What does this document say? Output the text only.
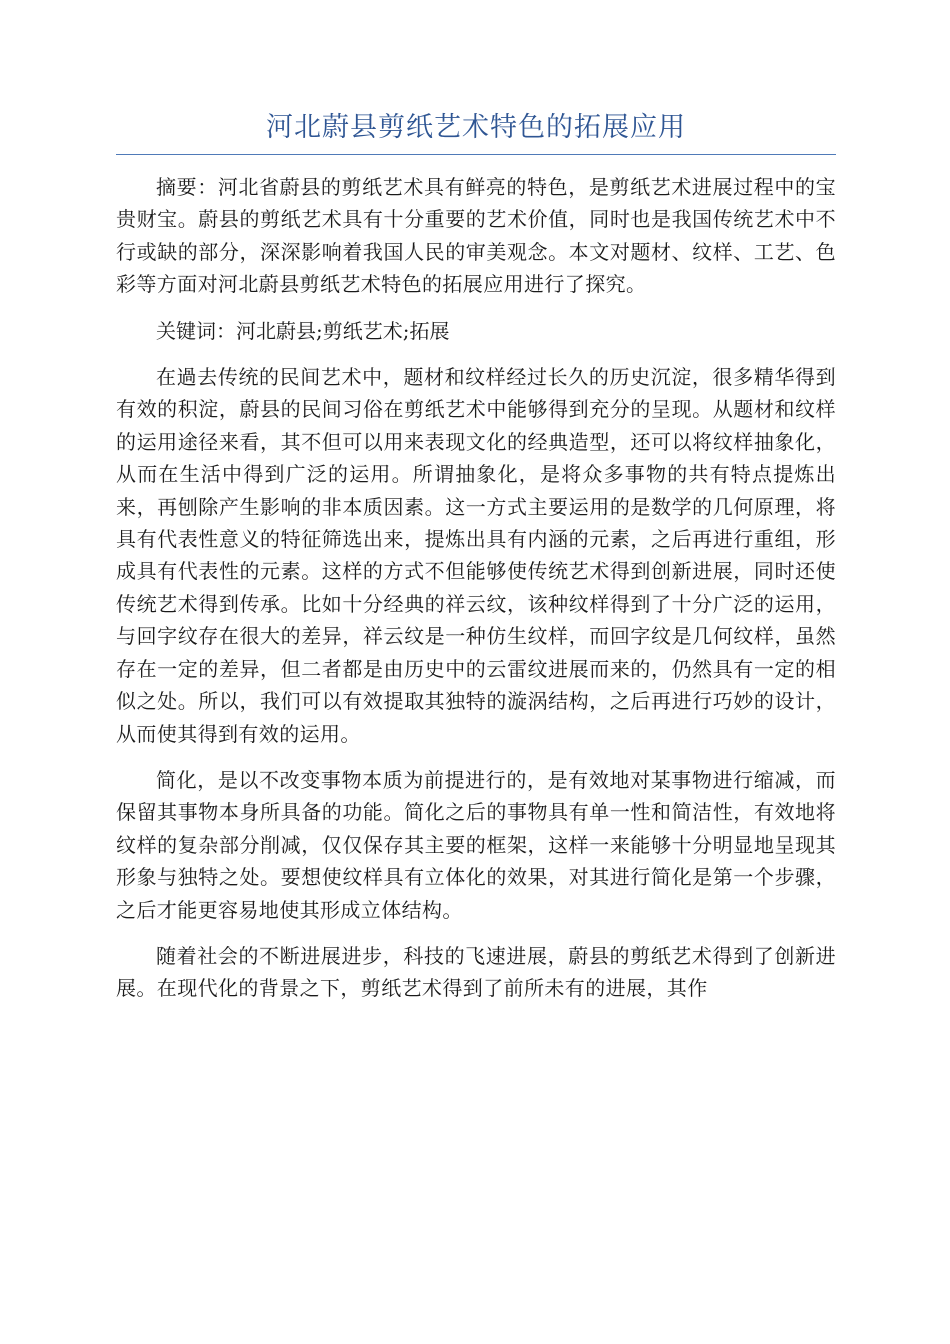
河北蔚县剪纸艺术特色的拓展应用

摘要：河北省蔚县的剪纸艺术具有鲜亮的特色，是剪纸艺术进展过程中的宝贵财宝。蔚县的剪纸艺术具有十分重要的艺术价值，同时也是我国传统艺术中不行或缺的部分，深深影响着我国人民的审美观念。本文对题材、纹样、工艺、色彩等方面对河北蔚县剪纸艺术特色的拓展应用进行了探究。

关键词：河北蔚县;剪纸艺术;拓展

在過去传统的民间艺术中，题材和纹样经过长久的历史沉淀，很多精华得到有效的积淀，蔚县的民间习俗在剪纸艺术中能够得到充分的呈现。从题材和纹样的运用途径来看，其不但可以用来表现文化的经典造型，还可以将纹样抽象化，从而在生活中得到广泛的运用。所谓抽象化，是将众多事物的共有特点提炼出来，再刨除产生影响的非本质因素。这一方式主要运用的是数学的几何原理，将具有代表性意义的特征筛选出来，提炼出具有内涵的元素，之后再进行重组，形成具有代表性的元素。这样的方式不但能够使传统艺术得到创新进展，同时还使传统艺术得到传承。比如十分经典的祥云纹，该种纹样得到了十分广泛的运用，与回字纹存在很大的差异，祥云纹是一种仿生纹样，而回字纹是几何纹样，虽然存在一定的差异，但二者都是由历史中的云雷纹进展而来的，仍然具有一定的相似之处。所以，我们可以有效提取其独特的漩涡结构，之后再进行巧妙的设计，从而使其得到有效的运用。

简化，是以不改变事物本质为前提进行的，是有效地对某事物进行缩减，而保留其事物本身所具备的功能。简化之后的事物具有单一性和简洁性，有效地将纹样的复杂部分削减，仅仅保存其主要的框架，这样一来能够十分明显地呈现其形象与独特之处。要想使纹样具有立体化的效果，对其进行简化是第一个步骤，之后才能更容易地使其形成立体结构。

随着社会的不断进展进步，科技的飞速进展，蔚县的剪纸艺术得到了创新进展。在现代化的背景之下，剪纸艺术得到了前所未有的进展，其作
